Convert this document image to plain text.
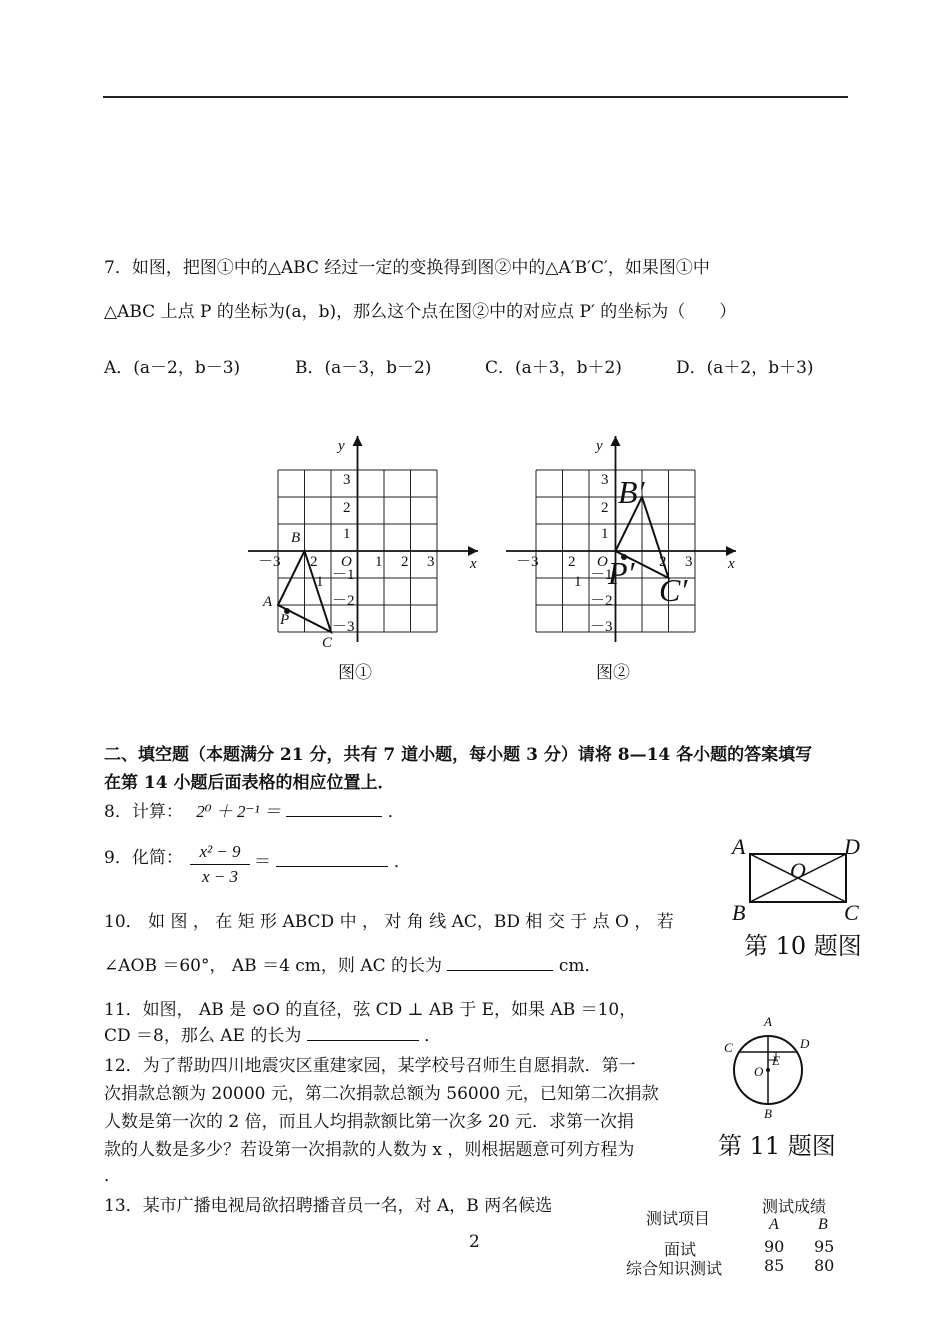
7．如图，把图①中的△ABC 经过一定的变换得到图②中的△A′B′C′，如果图①中
△ABC 上点 P 的坐标为(a，b)，那么这个点在图②中的对应点 P′ 的坐标为（　　）
A．(a－2，b－3)	B．(a－3，b－2)	C．(a＋3，b＋2)	D．(a＋2，b＋3)
x
y
3
2
1
O 1 2 3
－3 2
1 －1
－2
－3
B
A
P
C
图①
x
y
3
2
1
O	2 3
－3 2
1 －1
－2
－3
B′
P′ C′
图②
二、填空题（本题满分 21 分，共有 7 道小题，每小题 3 分）请将 8—14 各小题的答案填写
在第 14 小题后面表格的相应位置上．
8．计算： 2⁰ ＋ 2⁻¹ ＝	．
9．化简： $\frac{\text{x² − 9}}{x - 3}$ ＝	．
A	D
O
B	C
第 10 题图
10． 如 图 ， 在 矩 形 ABCD 中 ， 对 角 线 AC，BD 相 交 于 点 O ， 若
∠AOB ＝60°， AB ＝4 cm，则 AC 的长为	cm．
11．如图， AB 是 ⊙O 的直径，弦 CD ⊥ AB 于 E，如果 AB ＝10，
CD ＝8，那么 AE 的长为	．
A
C	D
E
O
B
第 11 题图
12．为了帮助四川地震灾区重建家园，某学校号召师生自愿捐款．第一
次捐款总额为 20000 元，第二次捐款总额为 56000 元，已知第二次捐款
人数是第一次的 2 倍，而且人均捐款额比第一次多 20 元．求第一次捐
款的人数是多少？若设第一次捐款的人数为 x ，则根据题意可列方程为
．
13．某市广播电视局欲招聘播音员一名，对 A，B 两名候选
测试项目
测试成绩
A B
面试	90 95
综合知识测试	85 80
2
